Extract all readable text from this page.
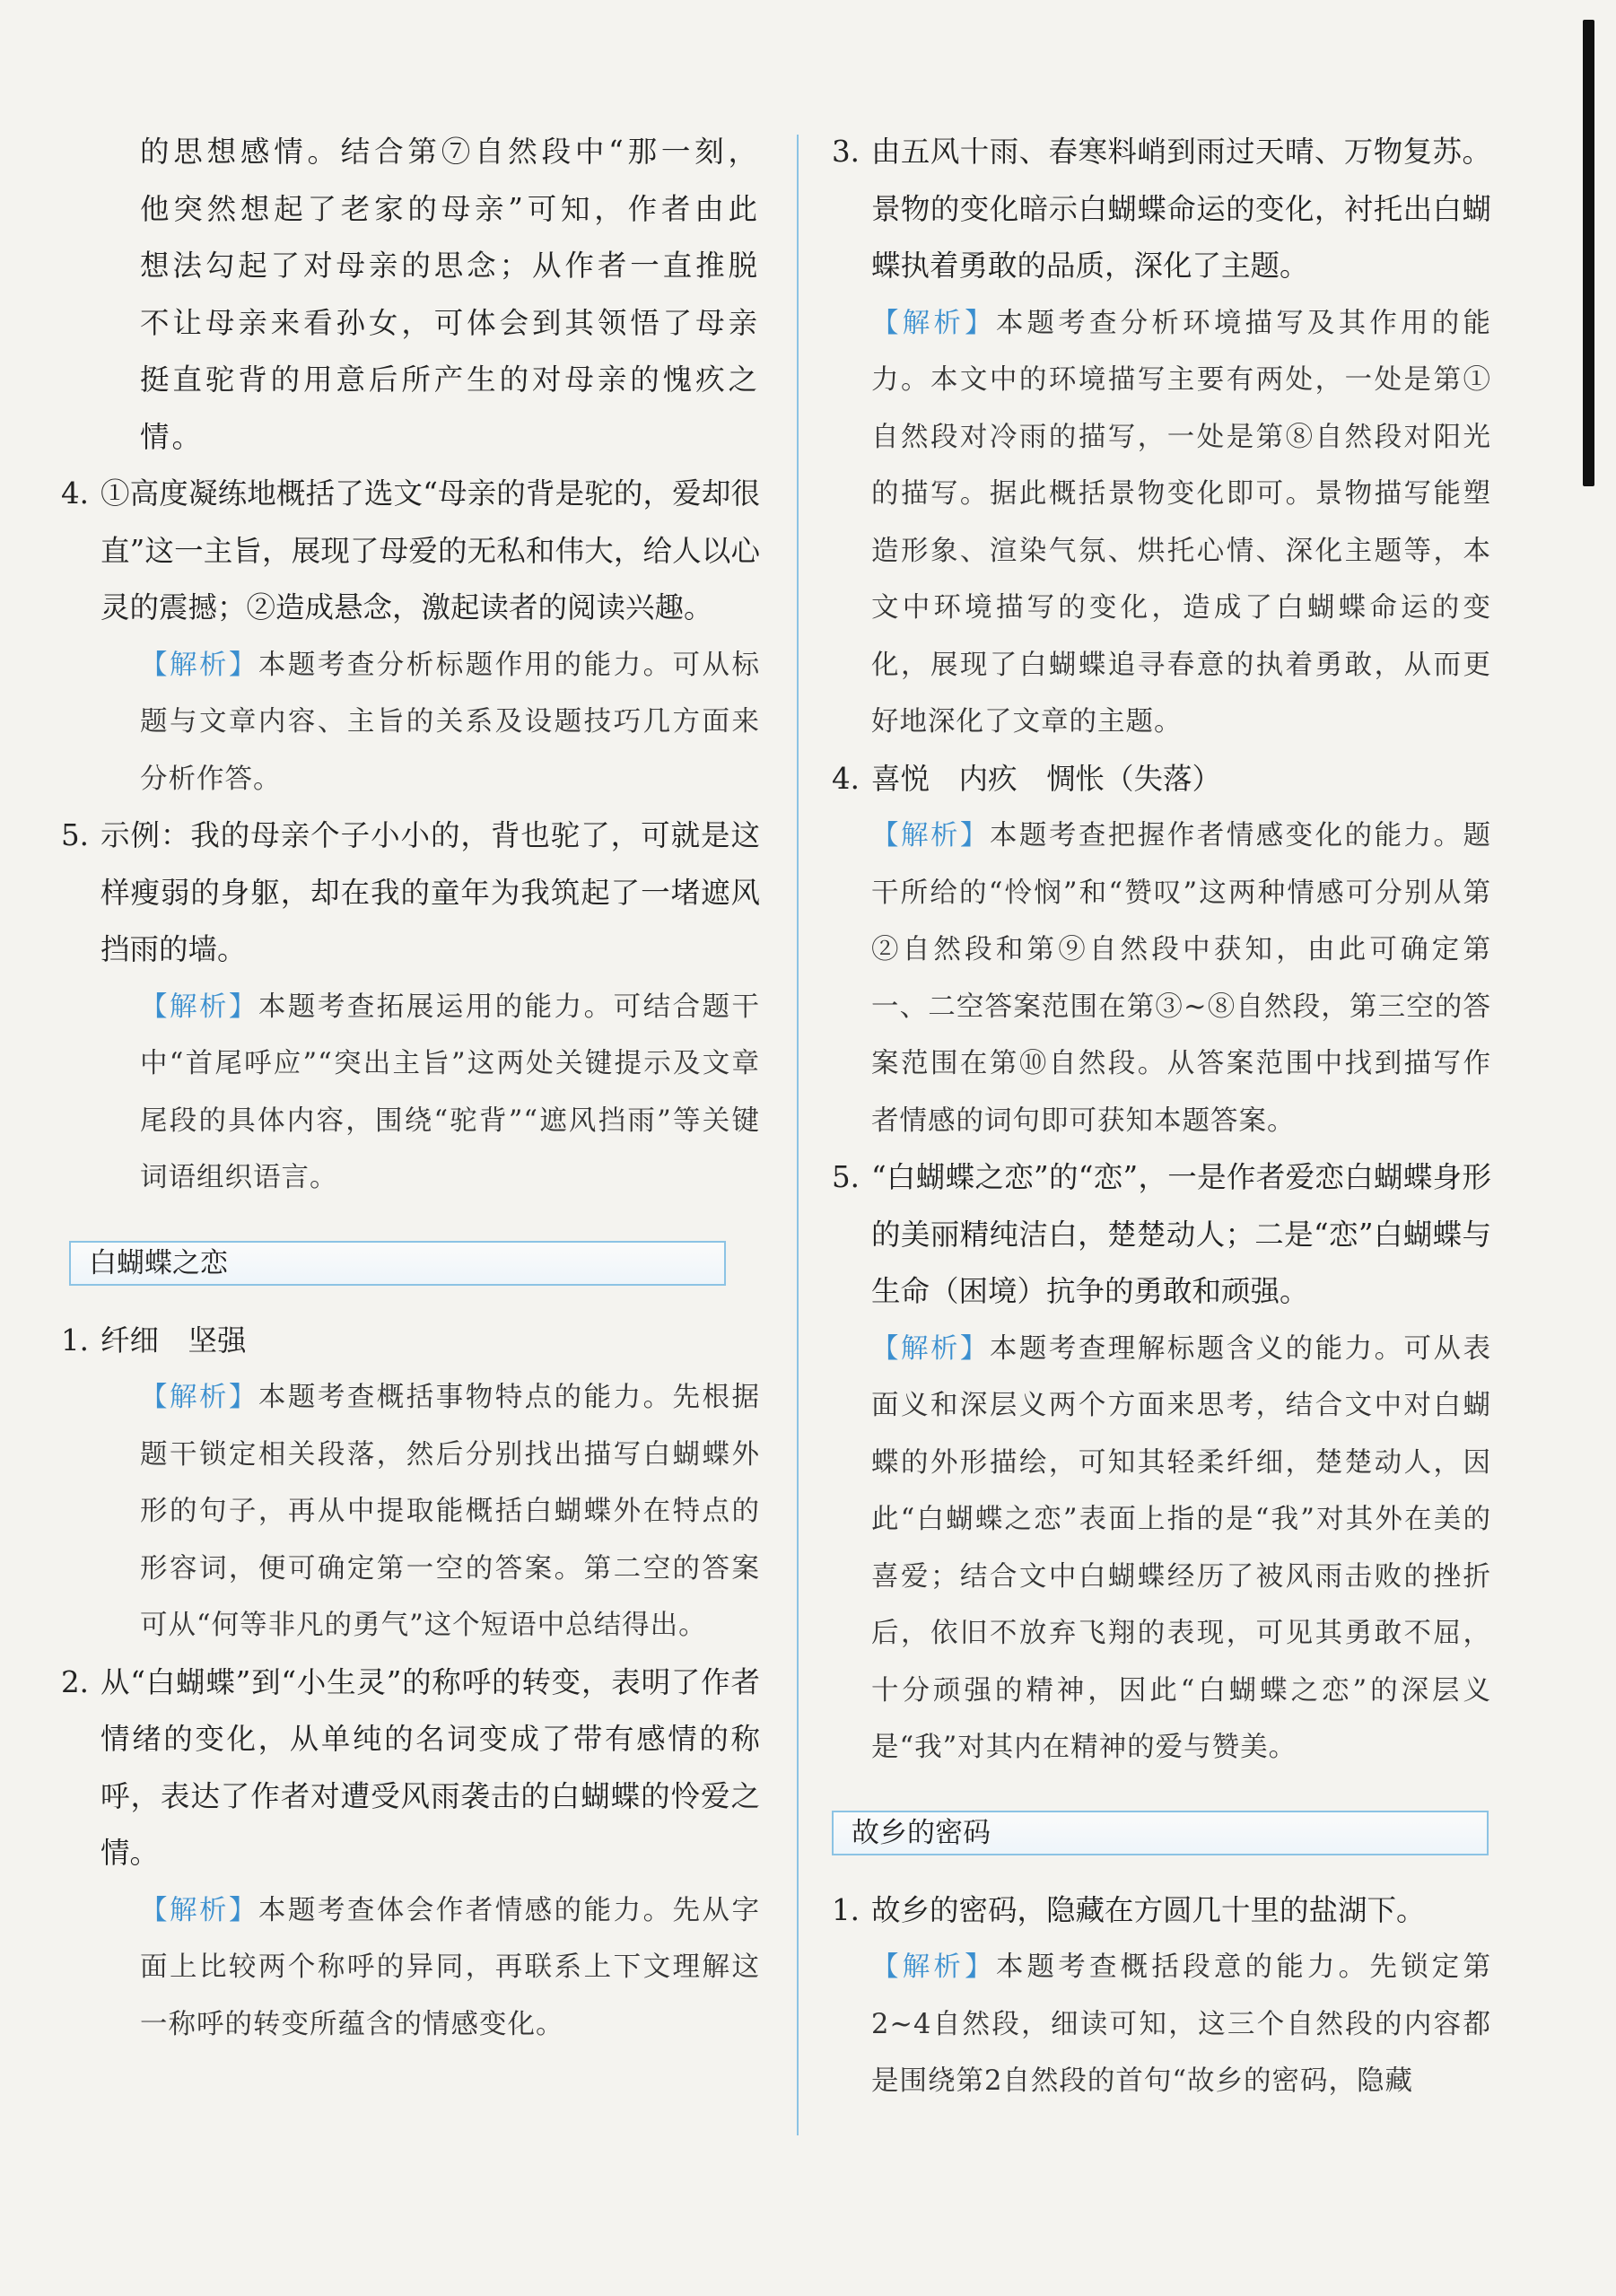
的思想感情。结合第⑦自然段中“那一刻，他突然想起了老家的母亲”可知，作者由此想法勾起了对母亲的思念；从作者一直推脱不让母亲来看孙女，可体会到其领悟了母亲挺直驼背的用意后所产生的对母亲的愧疚之情。
4. ①高度凝练地概括了选文“母亲的背是驼的，爱却很直”这一主旨，展现了母爱的无私和伟大，给人以心灵的震撼；②造成悬念，激起读者的阅读兴趣。
【解析】本题考查分析标题作用的能力。可从标题与文章内容、主旨的关系及设题技巧几方面来分析作答。
5. 示例：我的母亲个子小小的，背也驼了，可就是这样瘦弱的身躯，却在我的童年为我筑起了一堵遮风挡雨的墙。
【解析】本题考查拓展运用的能力。可结合题干中“首尾呼应”“突出主旨”这两处关键提示及文章尾段的具体内容，围绕“驼背”“遮风挡雨”等关键词语组织语言。
白蝴蝶之恋
1. 纤细　坚强
【解析】本题考查概括事物特点的能力。先根据题干锁定相关段落，然后分别找出描写白蝴蝶外形的句子，再从中提取能概括白蝴蝶外在特点的形容词，便可确定第一空的答案。第二空的答案可从“何等非凡的勇气”这个短语中总结得出。
2. 从“白蝴蝶”到“小生灵”的称呼的转变，表明了作者情绪的变化，从单纯的名词变成了带有感情的称呼，表达了作者对遭受风雨袭击的白蝴蝶的怜爱之情。
【解析】本题考查体会作者情感的能力。先从字面上比较两个称呼的异同，再联系上下文理解这一称呼的转变所蕴含的情感变化。
3. 由五风十雨、春寒料峭到雨过天晴、万物复苏。景物的变化暗示白蝴蝶命运的变化，衬托出白蝴蝶执着勇敢的品质，深化了主题。
【解析】本题考查分析环境描写及其作用的能力。本文中的环境描写主要有两处，一处是第①自然段对冷雨的描写，一处是第⑧自然段对阳光的描写。据此概括景物变化即可。景物描写能塑造形象、渲染气氛、烘托心情、深化主题等，本文中环境描写的变化，造成了白蝴蝶命运的变化，展现了白蝴蝶追寻春意的执着勇敢，从而更好地深化了文章的主题。
4. 喜悦　内疚　惆怅（失落）
【解析】本题考查把握作者情感变化的能力。题干所给的“怜悯”和“赞叹”这两种情感可分别从第②自然段和第⑨自然段中获知，由此可确定第一、二空答案范围在第③~⑧自然段，第三空的答案范围在第⑩自然段。从答案范围中找到描写作者情感的词句即可获知本题答案。
5. “白蝴蝶之恋”的“恋”，一是作者爱恋白蝴蝶身形的美丽精纯洁白，楚楚动人；二是“恋”白蝴蝶与生命（困境）抗争的勇敢和顽强。
【解析】本题考查理解标题含义的能力。可从表面义和深层义两个方面来思考，结合文中对白蝴蝶的外形描绘，可知其轻柔纤细，楚楚动人，因此“白蝴蝶之恋”表面上指的是“我”对其外在美的喜爱；结合文中白蝴蝶经历了被风雨击败的挫折后，依旧不放弃飞翔的表现，可见其勇敢不屈，十分顽强的精神，因此“白蝴蝶之恋”的深层义是“我”对其内在精神的爱与赞美。
故乡的密码
1. 故乡的密码，隐藏在方圆几十里的盐湖下。
【解析】本题考查概括段意的能力。先锁定第2~4自然段，细读可知，这三个自然段的内容都是围绕第2自然段的首句“故乡的密码，隐藏
